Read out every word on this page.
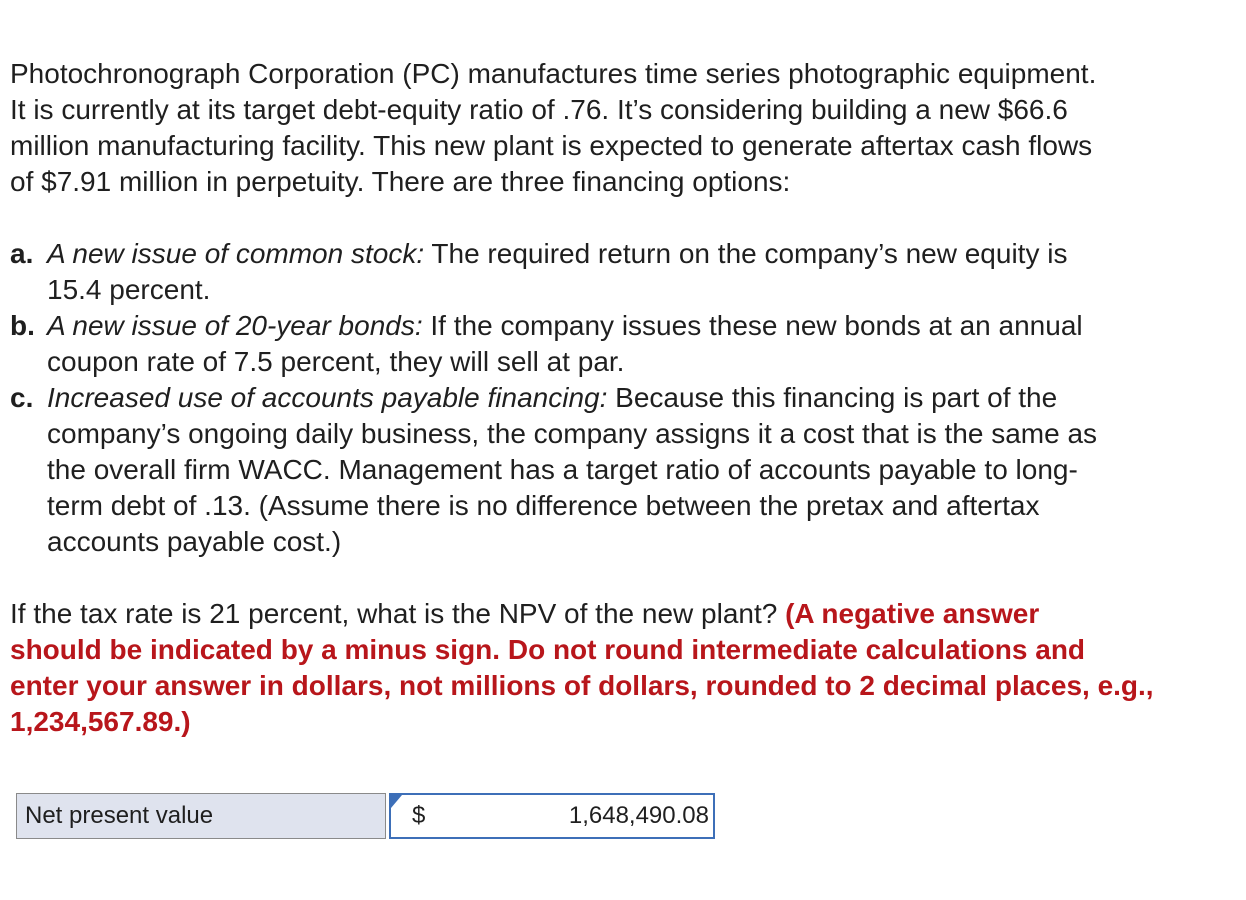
Photochronograph Corporation (PC) manufactures time series photographic equipment.
It is currently at its target debt-equity ratio of .76. It’s considering building a new $66.6
million manufacturing facility. This new plant is expected to generate aftertax cash flows
of $7.91 million in perpetuity. There are three financing options:
a. A new issue of common stock: The required return on the company’s new equity is
15.4 percent.
b. A new issue of 20-year bonds: If the company issues these new bonds at an annual
coupon rate of 7.5 percent, they will sell at par.
c. Increased use of accounts payable financing: Because this financing is part of the
company’s ongoing daily business, the company assigns it a cost that is the same as
the overall firm WACC. Management has a target ratio of accounts payable to long-
term debt of .13. (Assume there is no difference between the pretax and aftertax
accounts payable cost.)
If the tax rate is 21 percent, what is the NPV of the new plant? (A negative answer
should be indicated by a minus sign. Do not round intermediate calculations and
enter your answer in dollars, not millions of dollars, rounded to 2 decimal places, e.g.,
1,234,567.89.)
Net present value	$	1,648,490.08
